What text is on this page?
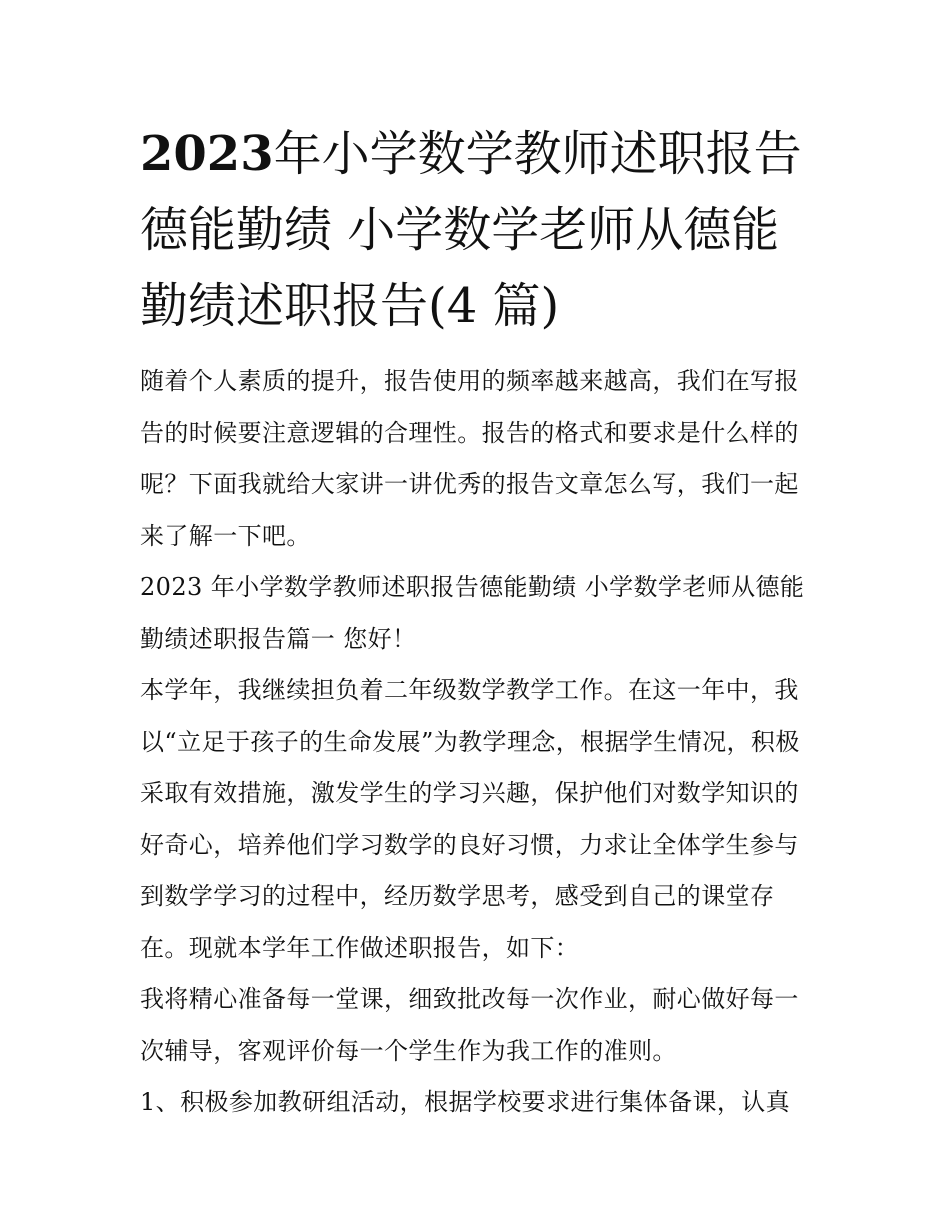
2023年小学数学教师述职报告
德能勤绩 小学数学老师从德能
勤绩述职报告(4 篇)

随着个人素质的提升，报告使用的频率越来越高，我们在写报
告的时候要注意逻辑的合理性。报告的格式和要求是什么样的
呢？下面我就给大家讲一讲优秀的报告文章怎么写，我们一起
来了解一下吧。

2023 年小学数学教师述职报告德能勤绩 小学数学老师从德能
勤绩述职报告篇一 您好！

本学年，我继续担负着二年级数学教学工作。在这一年中，我
以“立足于孩子的生命发展”为教学理念，根据学生情况，积极
采取有效措施，激发学生的学习兴趣，保护他们对数学知识的
好奇心，培养他们学习数学的良好习惯，力求让全体学生参与
到数学学习的过程中，经历数学思考，感受到自己的课堂存
在。现就本学年工作做述职报告，如下：

我将精心准备每一堂课，细致批改每一次作业，耐心做好每一
次辅导，客观评价每一个学生作为我工作的准则。

1、积极参加教研组活动，根据学校要求进行集体备课，认真
